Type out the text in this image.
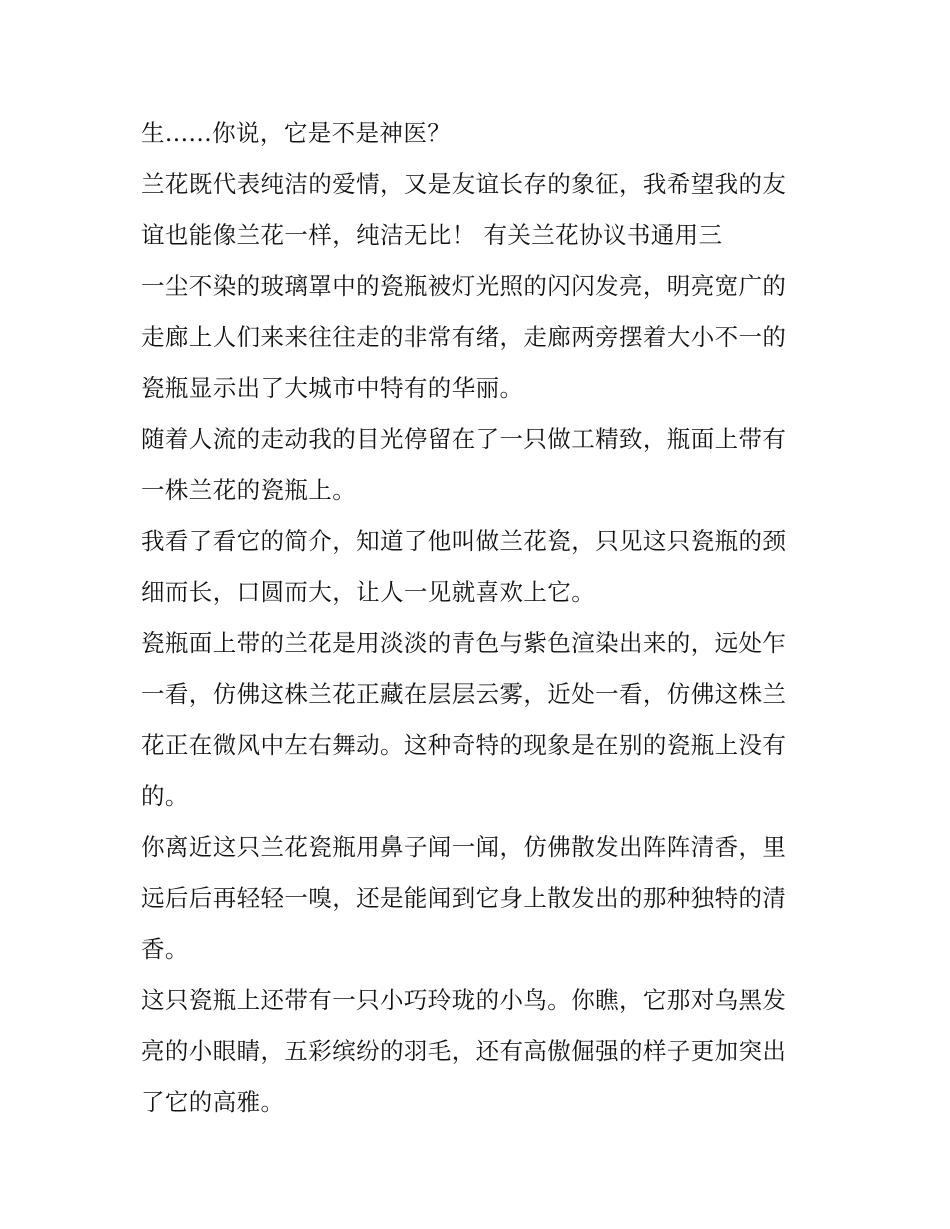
生......你说，它是不是神医？

兰花既代表纯洁的爱情，又是友谊长存的象征，我希望我的友
谊也能像兰花一样，纯洁无比！ 有关兰花协议书通用三

一尘不染的玻璃罩中的瓷瓶被灯光照的闪闪发亮，明亮宽广的
走廊上人们来来往往走的非常有绪，走廊两旁摆着大小不一的
瓷瓶显示出了大城市中特有的华丽。

随着人流的走动我的目光停留在了一只做工精致，瓶面上带有
一株兰花的瓷瓶上。

我看了看它的简介，知道了他叫做兰花瓷，只见这只瓷瓶的颈
细而长，口圆而大，让人一见就喜欢上它。

瓷瓶面上带的兰花是用淡淡的青色与紫色渲染出来的，远处乍
一看，仿佛这株兰花正藏在层层云雾，近处一看，仿佛这株兰
花正在微风中左右舞动。这种奇特的现象是在别的瓷瓶上没有
的。

你离近这只兰花瓷瓶用鼻子闻一闻，仿佛散发出阵阵清香，里
远后后再轻轻一嗅，还是能闻到它身上散发出的那种独特的清
香。

这只瓷瓶上还带有一只小巧玲珑的小鸟。你瞧，它那对乌黑发
亮的小眼睛，五彩缤纷的羽毛，还有高傲倔强的样子更加突出
了它的高雅。
